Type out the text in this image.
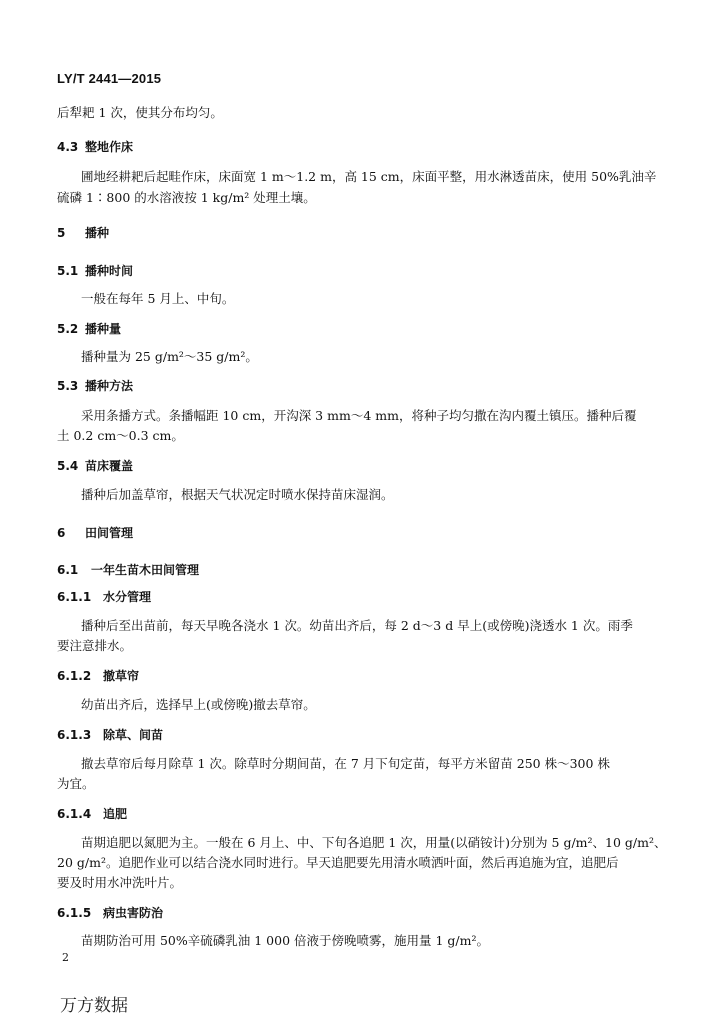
LY/T 2441—2015
后犁耙 1 次，使其分布均匀。
4.3 整地作床
圃地经耕耙后起畦作床，床面宽 1 m～1.2 m，高 15 cm，床面平整，用水淋透苗床，使用 50%乳油辛
硫磷 1∶800 的水溶液按 1 kg/m² 处理土壤。
5 播种
5.1 播种时间
一般在每年 5 月上、中旬。
5.2 播种量
播种量为 25 g/m²～35 g/m²。
5.3 播种方法
采用条播方式。条播幅距 10 cm，开沟深 3 mm～4 mm，将种子均匀撒在沟内覆土镇压。播种后覆
土 0.2 cm～0.3 cm。
5.4 苗床覆盖
播种后加盖草帘，根据天气状况定时喷水保持苗床湿润。
6 田间管理
6.1 一年生苗木田间管理
6.1.1 水分管理
播种后至出苗前，每天早晚各浇水 1 次。幼苗出齐后，每 2 d～3 d 早上(或傍晚)浇透水 1 次。雨季
要注意排水。
6.1.2 撤草帘
幼苗出齐后，选择早上(或傍晚)撤去草帘。
6.1.3 除草、间苗
撤去草帘后每月除草 1 次。除草时分期间苗，在 7 月下旬定苗，每平方米留苗 250 株～300 株
为宜。
6.1.4 追肥
苗期追肥以氮肥为主。一般在 6 月上、中、下旬各追肥 1 次，用量(以硝铵计)分别为 5 g/m²、10 g/m²、
20 g/m²。追肥作业可以结合浇水同时进行。早天追肥要先用清水喷洒叶面，然后再追施为宜，追肥后
要及时用水冲洗叶片。
6.1.5 病虫害防治
苗期防治可用 50%辛硫磷乳油 1 000 倍液于傍晚喷雾，施用量 1 g/m²。
2
万方数据
